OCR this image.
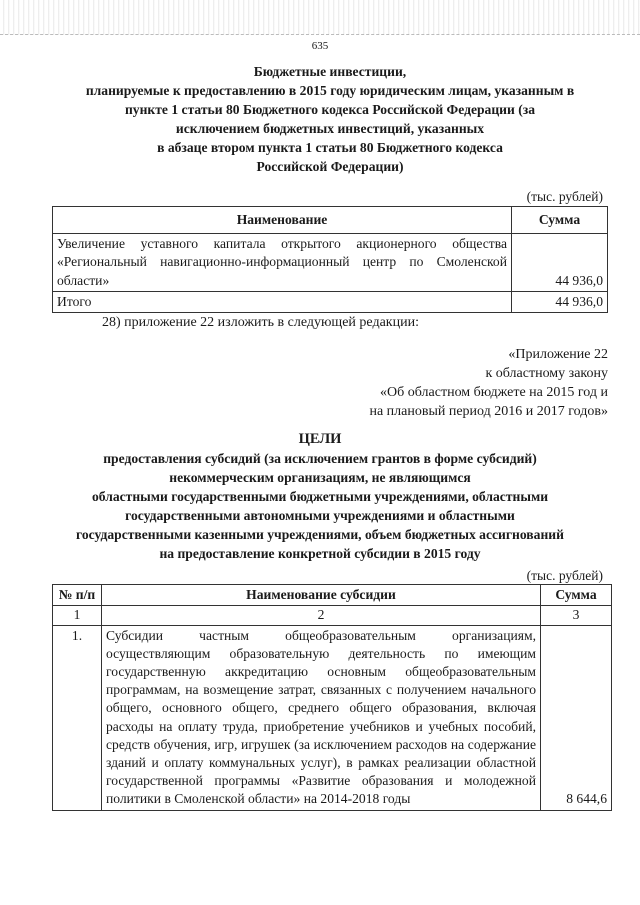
635
Бюджетные инвестиции,
планируемые к предоставлению в 2015 году юридическим лицам, указанным в
пункте 1 статьи 80 Бюджетного кодекса Российской Федерации (за
исключением бюджетных инвестиций, указанных
в абзаце втором пункта 1 статьи 80 Бюджетного кодекса
Российской Федерации)
(тыс. рублей)
Наименование	Сумма
Увеличение уставного капитала открытого акционерного общества «Региональный навигационно-информационный центр по Смоленской области»	44 936,0
Итого	44 936,0
28) приложение 22 изложить в следующей редакции:
«Приложение 22
к областному закону
«Об областном бюджете на 2015 год и
на плановый период 2016 и 2017 годов»
ЦЕЛИ
предоставления субсидий (за исключением грантов в форме субсидий)
некоммерческим организациям, не являющимся
областными государственными бюджетными учреждениями, областными
государственными автономными учреждениями и областными
государственными казенными учреждениями, объем бюджетных ассигнований
на предоставление конкретной субсидии в 2015 году
(тыс. рублей)
№ п/п	Наименование субсидии	Сумма
1	2	3
1.	Субсидии частным общеобразовательным организациям, осуществляющим образовательную деятельность по имеющим государственную аккредитацию основным общеобразовательным программам, на возмещение затрат, связанных с получением начального общего, основного общего, среднего общего образования, включая расходы на оплату труда, приобретение учебников и учебных пособий, средств обучения, игр, игрушек (за исключением расходов на содержание зданий и оплату коммунальных услуг), в рамках реализации областной государственной программы «Развитие образования и молодежной политики в Смоленской области» на 2014-2018 годы	8 644,6
